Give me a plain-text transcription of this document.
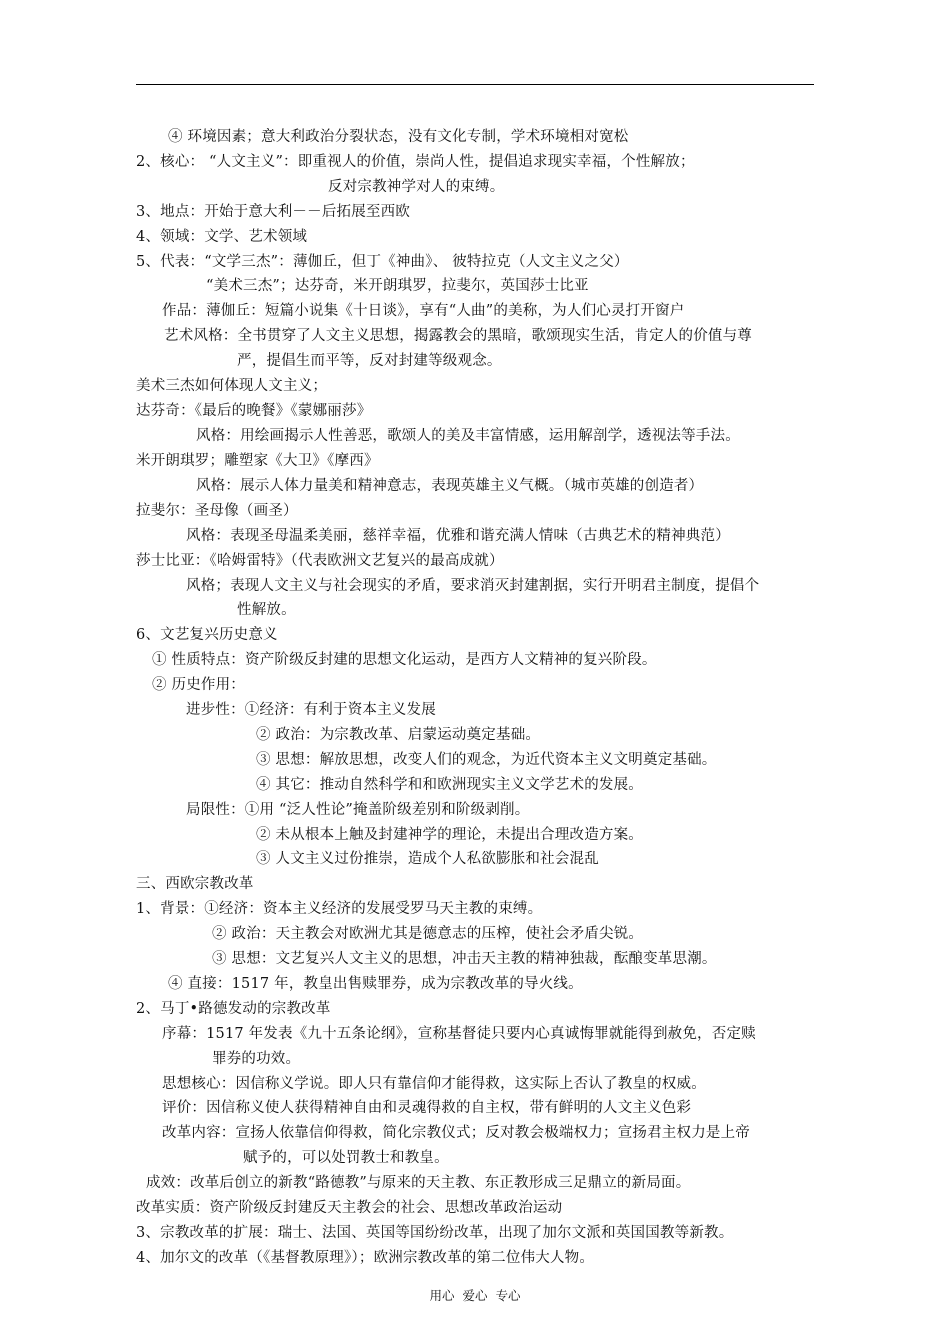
④ 环境因素；意大利政治分裂状态，没有文化专制，学术环境相对宽松
2、核心： “人文主义”：即重视人的价值，崇尚人性，提倡追求现实幸福，个性解放；
反对宗教神学对人的束缚。
3、地点：开始于意大利－－后拓展至西欧
4、领域：文学、艺术领域
5、代表：“文学三杰”：薄伽丘，但丁《神曲》、 彼特拉克（人文主义之父）
“美术三杰”；达芬奇，米开朗琪罗，拉斐尔，英国莎士比亚
作品：薄伽丘：短篇小说集《十日谈》，享有“人曲”的美称，为人们心灵打开窗户
艺术风格：全书贯穿了人文主义思想，揭露教会的黑暗，歌颂现实生活，肯定人的价值与尊
严，提倡生而平等，反对封建等级观念。
美术三杰如何体现人文主义；
达芬奇：《最后的晚餐》《蒙娜丽莎》
风格：用绘画揭示人性善恶，歌颂人的美及丰富情感，运用解剖学，透视法等手法。
米开朗琪罗；雕塑家《大卫》《摩西》
风格：展示人体力量美和精神意志，表现英雄主义气概。（城市英雄的创造者）
拉斐尔：圣母像（画圣）
风格：表现圣母温柔美丽，慈祥幸福，优雅和谐充满人情味（古典艺术的精神典范）
莎士比亚：《哈姆雷特》（代表欧洲文艺复兴的最高成就）
风格；表现人文主义与社会现实的矛盾，要求消灭封建割据，实行开明君主制度，提倡个
性解放。
6、文艺复兴历史意义
① 性质特点：资产阶级反封建的思想文化运动，是西方人文精神的复兴阶段。
② 历史作用：
进步性：①经济：有利于资本主义发展
② 政治：为宗教改革、启蒙运动奠定基础。
③ 思想：解放思想，改变人们的观念，为近代资本主义文明奠定基础。
④ 其它：推动自然科学和和欧洲现实主义文学艺术的发展。
局限性：①用 “泛人性论”掩盖阶级差别和阶级剥削。
② 未从根本上触及封建神学的理论，未提出合理改造方案。
③ 人文主义过份推崇，造成个人私欲膨胀和社会混乱
三、西欧宗教改革
1、背景：①经济：资本主义经济的发展受罗马天主教的束缚。
② 政治：天主教会对欧洲尤其是德意志的压榨，使社会矛盾尖锐。
③ 思想：文艺复兴人文主义的思想，冲击天主教的精神独裁，酝酿变革思潮。
④ 直接：1517 年，教皇出售赎罪券，成为宗教改革的导火线。
2、马丁•路德发动的宗教改革
序幕：1517 年发表《九十五条论纲》，宣称基督徒只要内心真诚悔罪就能得到赦免，否定赎
罪券的功效。
思想核心：因信称义学说。即人只有靠信仰才能得救，这实际上否认了教皇的权威。
评价：因信称义使人获得精神自由和灵魂得救的自主权，带有鲜明的人文主义色彩
改革内容：宣扬人依靠信仰得救，简化宗教仪式；反对教会极端权力；宣扬君主权力是上帝
赋予的，可以处罚教士和教皇。
成效：改革后创立的新教“路德教”与原来的天主教、东正教形成三足鼎立的新局面。
改革实质：资产阶级反封建反天主教会的社会、思想改革政治运动
3、宗教改革的扩展：瑞士、法国、英国等国纷纷改革，出现了加尔文派和英国国教等新教。
4、加尔文的改革（《基督教原理》）；欧洲宗教改革的第二位伟大人物。
用心  爱心  专心
